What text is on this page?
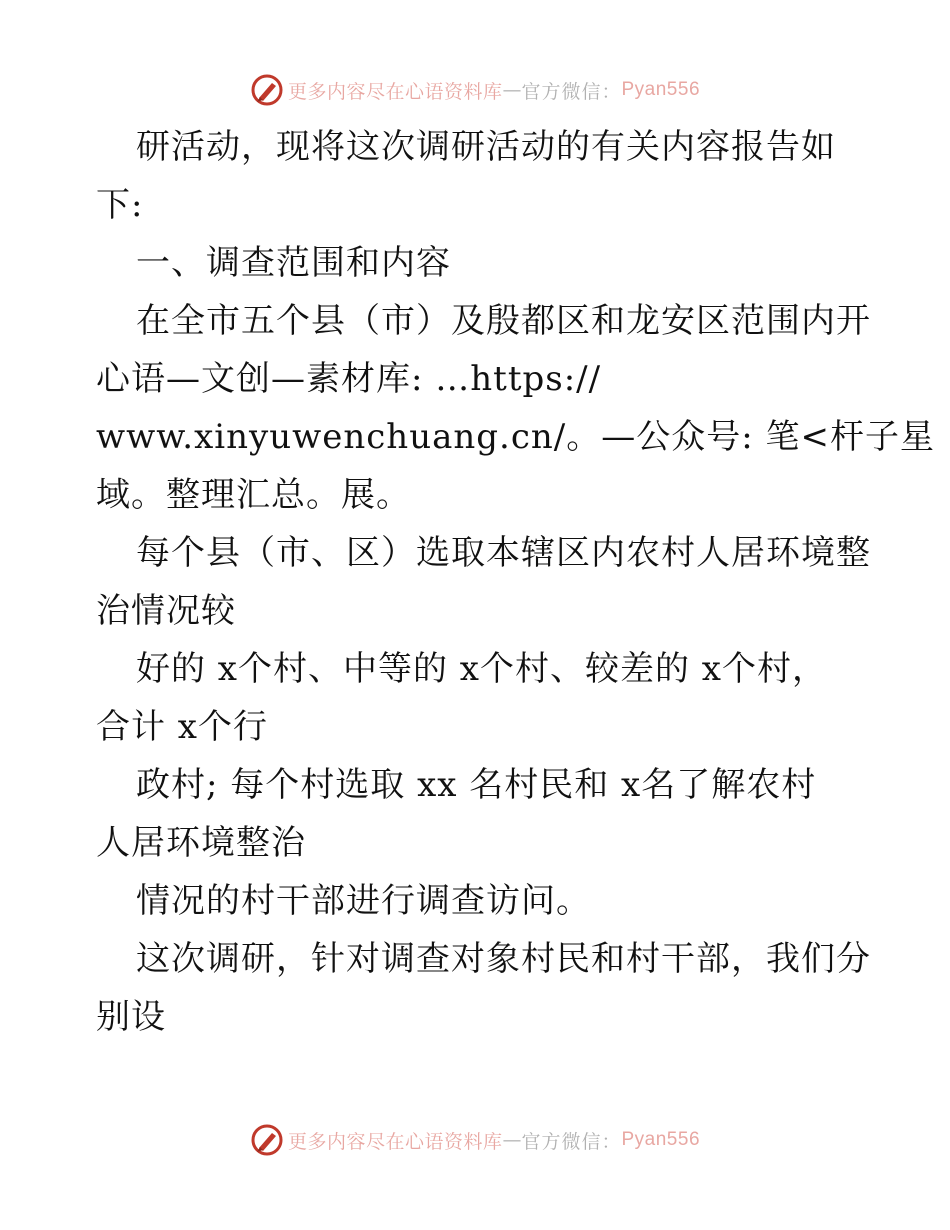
更多内容尽在心语资料库 — 官方微信： Pyan556

研活动，现将这次调研活动的有关内容报告如

下:

一、调查范围和内容

在全市五个县（市）及殷都区和龙安区范围内开

心语—文创—素材库: …https://

www.xinyuwenchuang.cn/。—公众号: 笔<杆子星

域。整理汇总。展。

每个县（市、区）选取本辖区内农村人居环境整

治情况较

好的 x个村、中等的 x个村、较差的 x个村，

合计 x个行

政村; 每个村选取 xx 名村民和 x名了解农村

人居环境整治

情况的村干部进行调查访问。

这次调研，针对调查对象村民和村干部，我们分

别设

更多内容尽在心语资料库 — 官方微信： Pyan556
